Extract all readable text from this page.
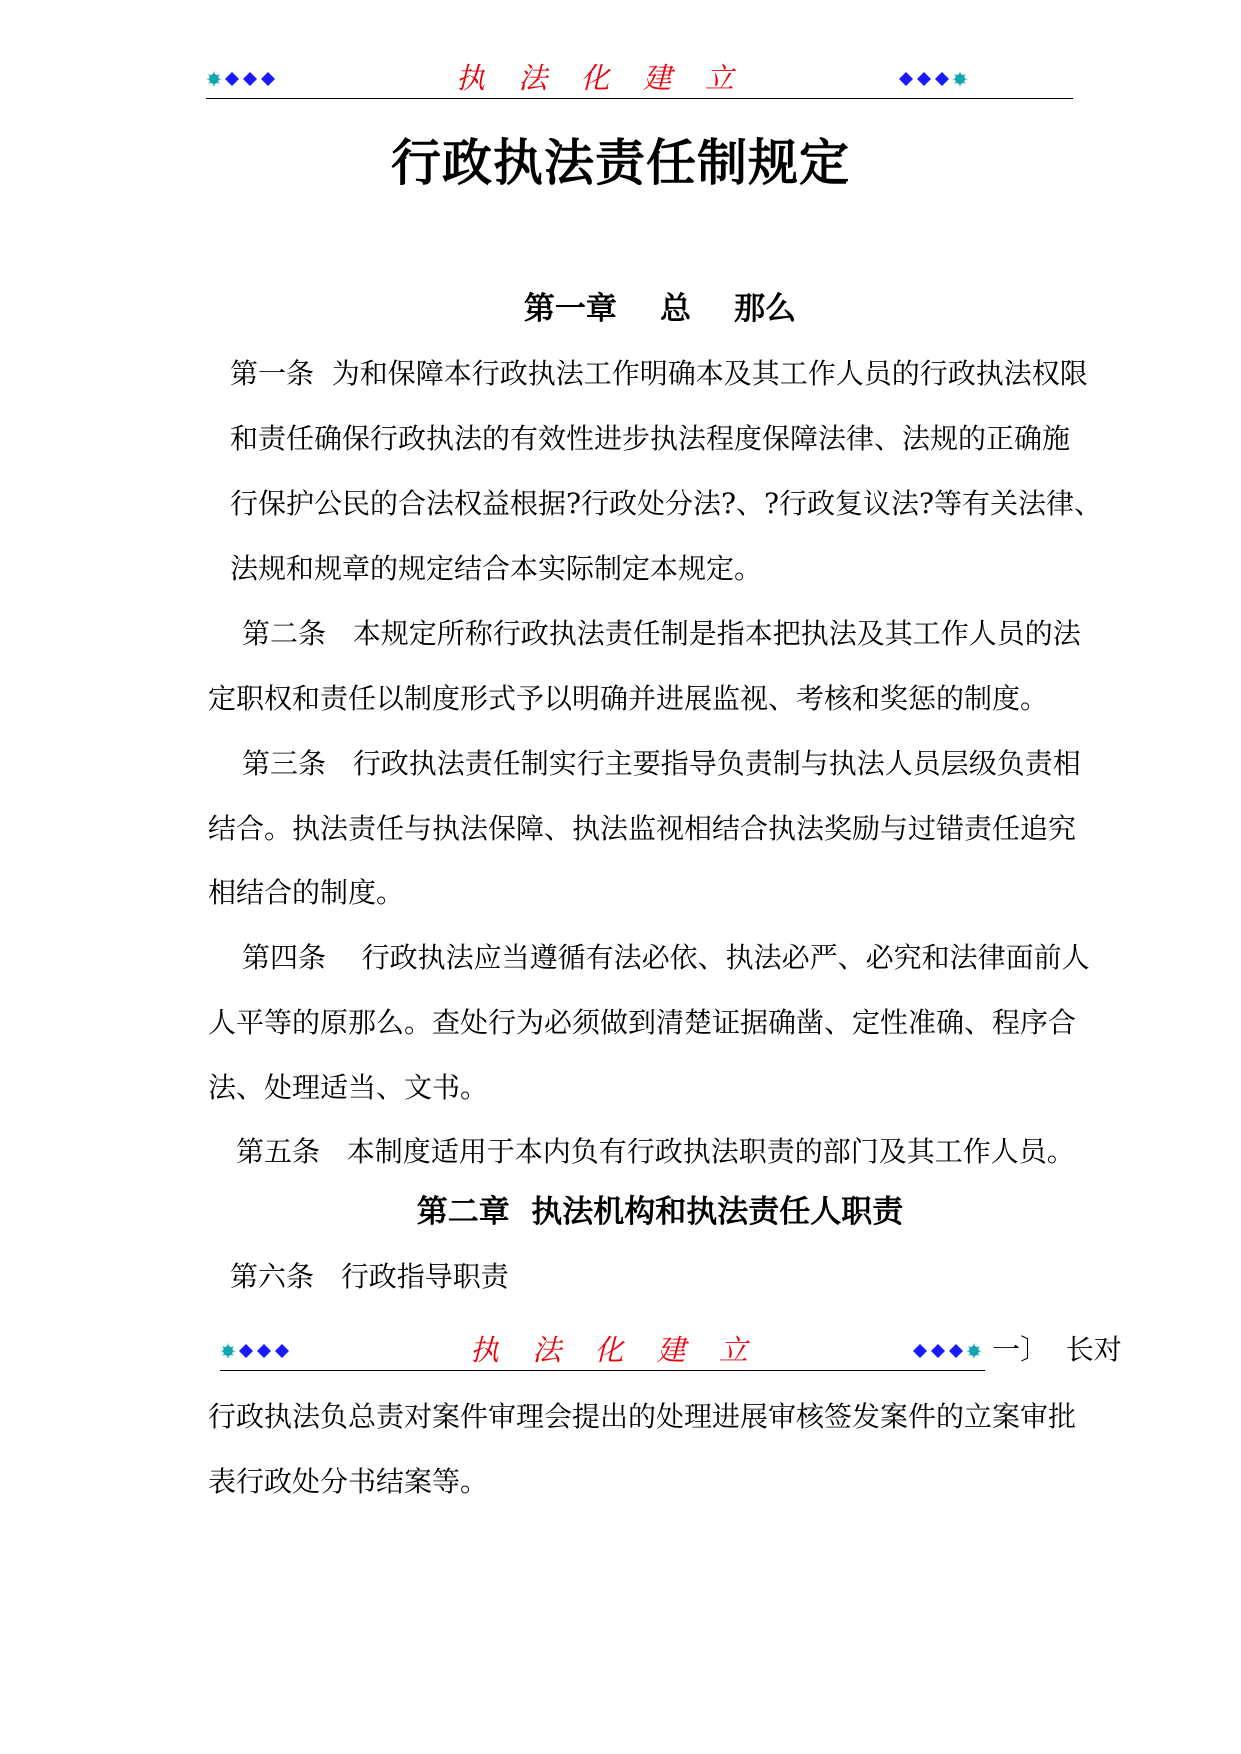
执 法 化 建 立
行政执法责任制规定
第一章    总    那么
第一条  为和保障本行政执法工作明确本及其工作人员的行政执法权限
和责任确保行政执法的有效性进步执法程度保障法律、法规的正确施
行保护公民的合法权益根据?行政处分法?、?行政复议法?等有关法律、
法规和规章的规定结合本实际制定本规定。
第二条   本规定所称行政执法责任制是指本把执法及其工作人员的法
定职权和责任以制度形式予以明确并进展监视、考核和奖惩的制度。
第三条   行政执法责任制实行主要指导负责制与执法人员层级负责相
结合。执法责任与执法保障、执法监视相结合执法奖励与过错责任追究
相结合的制度。
第四条    行政执法应当遵循有法必依、执法必严、必究和法律面前人
人平等的原那么。查处行为必须做到清楚证据确凿、定性准确、程序合
法、处理适当、文书。
第五条   本制度适用于本内负有行政执法职责的部门及其工作人员。
第二章  执法机构和执法责任人职责
第六条   行政指导职责
执 法 化 建 立	一〕  长对
行政执法负总责对案件审理会提出的处理进展审核签发案件的立案审批
表行政处分书结案等。
